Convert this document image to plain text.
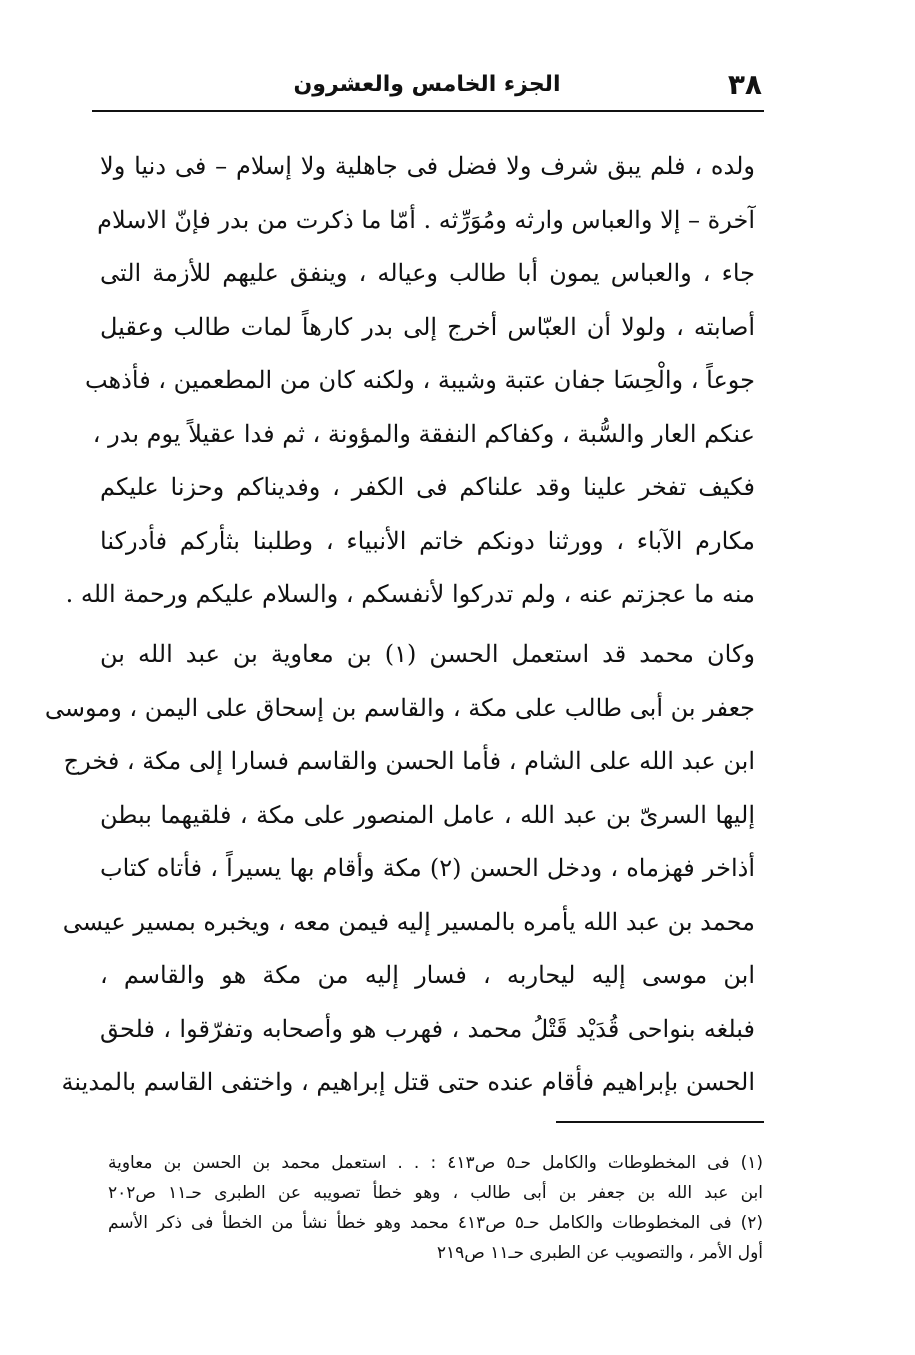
٣٨
الجزء الخامس والعشرون
ولده ، فلم يبق شرف ولا فضل فى جاهلية ولا إسلام – فى دنيا ولا
آخرة – إلا والعباس وارثه ومُوَرِّثه . أمّا ما ذكرت من بدر فإنّ الاسلام
جاء ، والعباس يمون أبا طالب وعياله ، وينفق عليهم للأزمة التى
أصابته ، ولولا أن العبّاس أخرج إلى بدر كارهاً لمات طالب وعقيل
جوعاً ، والْحِسَا جفان عتبة وشيبة ، ولكنه كان من المطعمين ، فأذهب
عنكم العار والسُّبة ، وكفاكم النفقة والمؤونة ، ثم فدا عقيلاً يوم بدر ،
فكيف تفخر علينا وقد علناكم فى الكفر ، وفديناكم وحزنا عليكم
مكارم الآباء ، وورثنا دونكم خاتم الأنبياء ، وطلبنا بثأركم فأدركنا
منه ما عجزتم عنه ، ولم تدركوا لأنفسكم ، والسلام عليكم ورحمة الله .
وكان محمد قد استعمل الحسن (١) بن معاوية بن عبد الله بن
جعفر بن أبى طالب على مكة ، والقاسم بن إسحاق على اليمن ، وموسى
ابن عبد الله على الشام ، فأما الحسن والقاسم فسارا إلى مكة ، فخرج
إليها السرىّ بن عبد الله ، عامل المنصور على مكة ، فلقيهما ببطن
أذاخر فهزماه ، ودخل الحسن (٢) مكة وأقام بها يسيراً ، فأتاه كتاب
محمد بن عبد الله يأمره بالمسير إليه فيمن معه ، ويخبره بمسير عيسى
ابن موسى إليه ليحاربه ، فسار إليه من مكة هو والقاسم ،
فبلغه بنواحى قُدَيْد قَتْلُ محمد ، فهرب هو وأصحابه وتفرّقوا ، فلحق
الحسن بإبراهيم فأقام عنده حتى قتل إبراهيم ، واختفى القاسم بالمدينة
(١) فى المخطوطات والكامل حـ٥ ص٤١٣ : . . استعمل محمد بن الحسن بن معاوية
ابن عبد الله بن جعفر بن أبى طالب ، وهو خطأ تصويبه عن الطبرى حـ١١ ص٢٠٢
(٢) فى المخطوطات والكامل حـ٥ ص٤١٣ محمد وهو خطأ نشأ من الخطأ فى ذكر الأسم
أول الأمر ، والتصويب عن الطبرى حـ١١ ص٢١٩
